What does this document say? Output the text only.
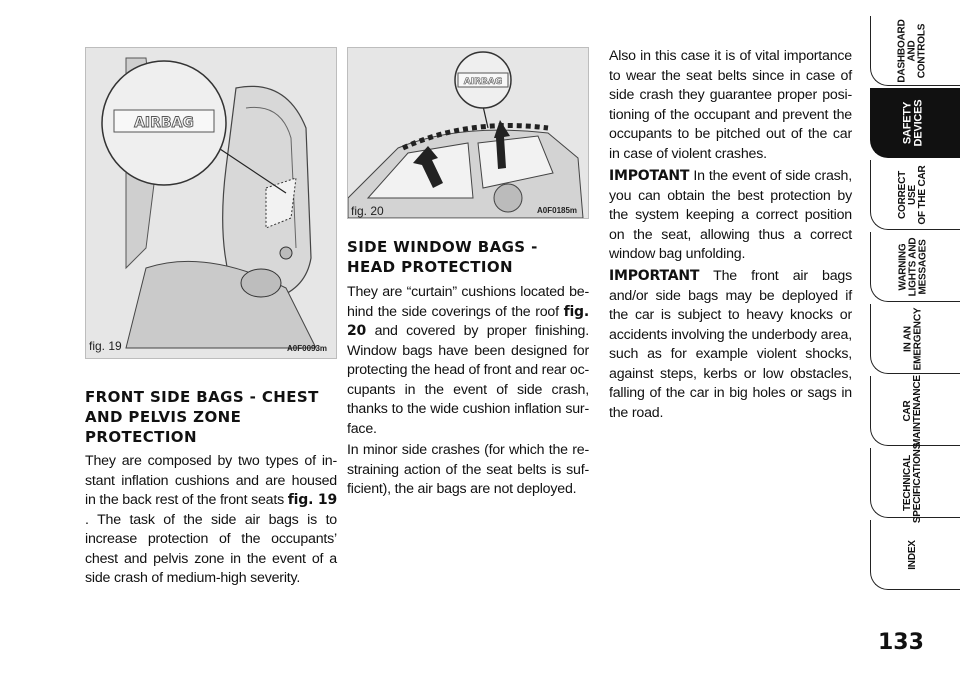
AIRBAG
fig. 19	A0F0093m
AIRBAG
fig. 20	A0F0185m
FRONT SIDE BAGS - CHEST
AND PELVIS ZONE
PROTECTION
They are composed by two types of in-stant inflation cushions and are housed in the back rest of the front seats fig. 19 . The task of the side air bags is to increase protection of the occupants’ chest and pelvis zone in the event of a side crash of medium-high severity.
SIDE WINDOW BAGS -
HEAD PROTECTION
They are “curtain” cushions located be-hind the side coverings of the roof fig. 20 and covered by proper finishing. Window bags have been designed for protecting the head of front and rear oc-cupants in the event of side crash, thanks to the wide cushion inflation sur-face.
In minor side crashes (for which the re-straining action of the seat belts is suf-ficient), the air bags are not deployed.
Also in this case it is of vital importance to wear the seat belts since in case of side crash they guarantee proper posi-tioning of the occupant and prevent the occupants to be pitched out of the car in case of violent crashes.
IMPOTANT In the event of side crash, you can obtain the best protection by the system keeping a correct position on the seat, allowing thus a correct window bag unfolding.
IMPORTANT The front air bags and/or side bags may be deployed if the car is subject to heavy knocks or accidents involving the underbody area, such as for example violent shocks, against steps, kerbs or low obstacles, falling of the car in big holes or sags in the road.
DASHBOARD
AND
CONTROLS
SAFETY
DEVICES
CORRECT USE
OF THE CAR
WARNING
LIGHTS AND
MESSAGES
IN AN
EMERGENCY
CAR
MAINTENANCE
TECHNICAL
SPECIFICATIONS
INDEX
133
